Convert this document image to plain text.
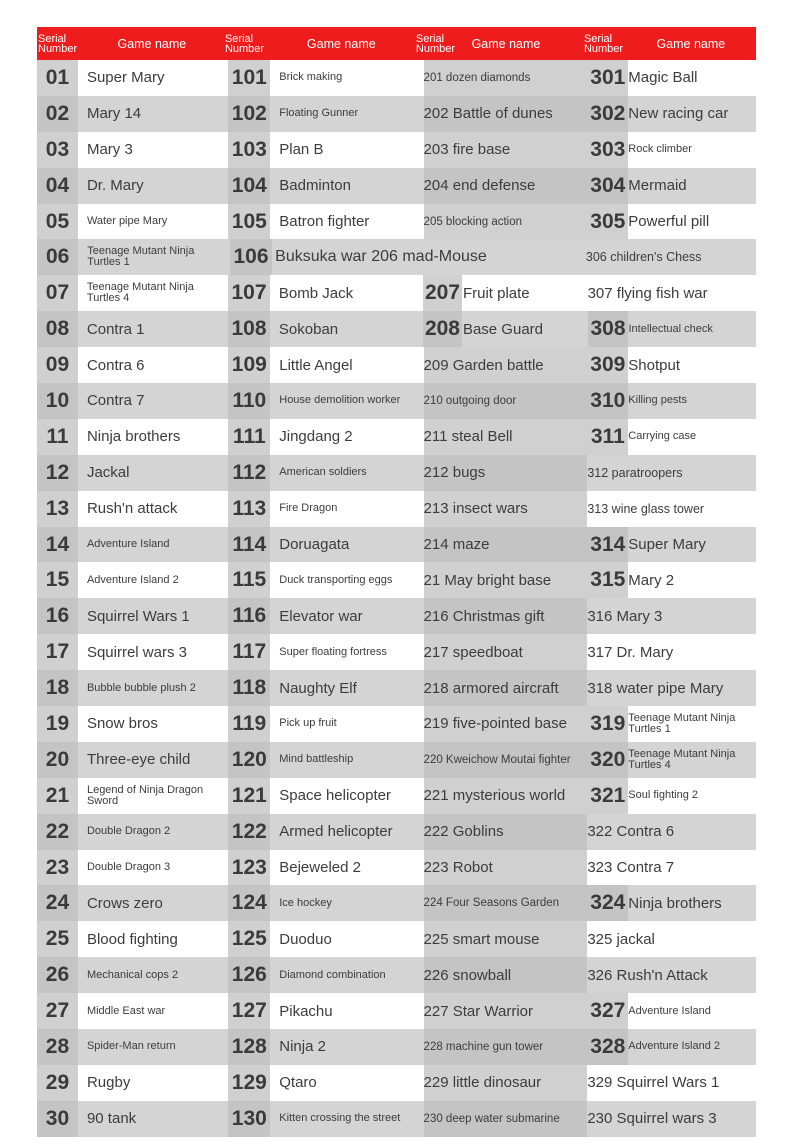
Serial Number	Game name	Serial Number	Game name	Serial Number	Game name	Serial Number	Game name
01	Super Mary	101	Brick making	201 dozen diamonds	301 Magic Ball
02	Mary 14	102	Floating Gunner	202 Battle of dunes	302 New racing car
03	Mary 3	103 Plan B	203 fire base	303 Rock climber
04	Dr. Mary	104 Badminton	204 end defense	304 Mermaid
05	Water pipe Mary	105 Batron fighter	205 blocking action	305 Powerful pill
06	Teenage Mutant Ninja Turtles 1	106 Buksuka war 206 mad-Mouse	306 children's Chess
07	Teenage Mutant Ninja Turtles 4	107 Bomb Jack	207 Fruit plate	307 flying fish war
08	Contra 1	108 Sokoban	208 Base Guard	308 Intellectual check
09	Contra 6	109 Little Angel	209 Garden battle	309 Shotput
10	Contra 7	110	House demolition worker	210 outgoing door	310 Killing pests
11	Ninja brothers	111 Jingdang 2	211 steal Bell	311 Carrying case
12	Jackal	112	American soldiers	212 bugs	312 paratroopers
13	Rush'n attack	113	Fire Dragon	213 insect wars	313 wine glass tower
14	Adventure Island	114 Doruagata	214 maze	314 Super Mary
15	Adventure Island 2	115	Duck transporting eggs	21 May bright base	315 Mary 2
16	Squirrel Wars 1	116 Elevator war	216 Christmas gift	316 Mary 3
17	Squirrel wars 3	117	Super floating fortress	217 speedboat	317 Dr. Mary
18	Bubble bubble plush 2	118 Naughty Elf	218 armored aircraft	318 water pipe Mary
19	Snow bros	119	Pick up fruit	219 five-pointed base	319 Teenage Mutant Ninja Turtles 1
20	Three-eye child	120	Mind battleship	220 Kweichow Moutai fighter 320 Teenage Mutant Ninja Turtles 4
21	Legend of Ninja Dragon Sword	121 Space helicopter	221 mysterious world	321 Soul fighting 2
22	Double Dragon 2	122 Armed helicopter	222 Goblins	322 Contra 6
23	Double Dragon 3	123 Bejeweled 2	223 Robot	323 Contra 7
24	Crows zero	124	Ice hockey	224 Four Seasons Garden	324 Ninja brothers
25	Blood fighting	125 Duoduo	225 smart mouse	325 jackal
26	Mechanical cops 2	126	Diamond combination	226 snowball	326 Rush'n Attack
27	Middle East war	127 Pikachu	227 Star Warrior	327 Adventure Island
28	Spider-Man return	128 Ninja 2	228 machine gun tower	328 Adventure Island 2
29	Rugby	129 Qtaro	229 little dinosaur	329 Squirrel Wars 1
30	90 tank	130	Kitten crossing the street	230 deep water submarine	230 Squirrel wars 3
